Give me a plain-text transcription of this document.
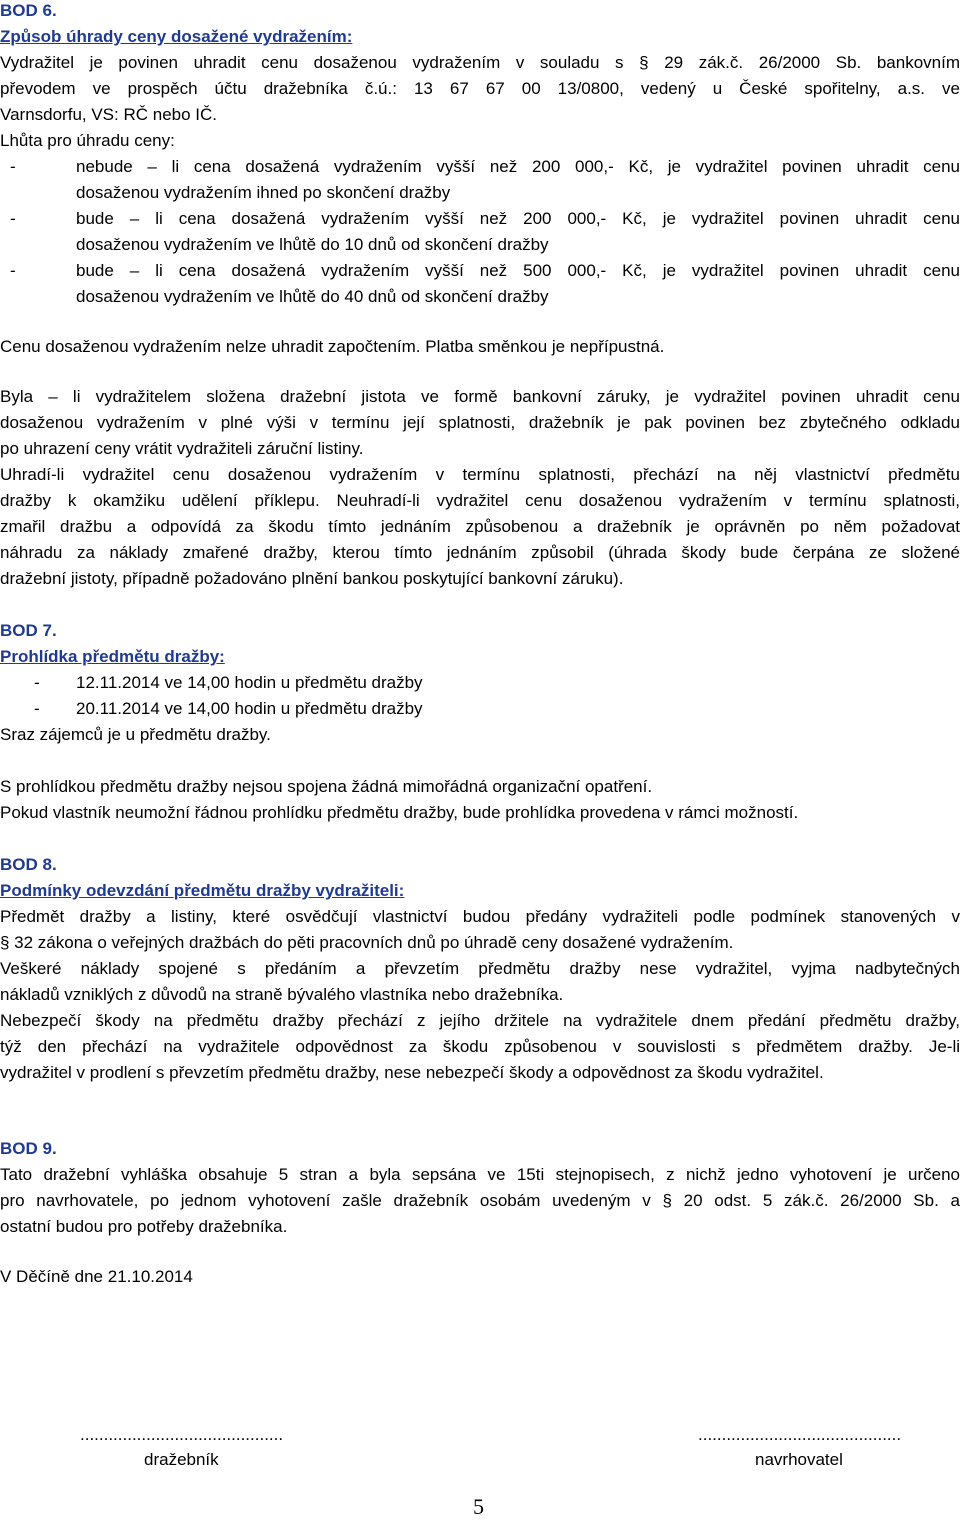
BOD 6.
Způsob úhrady ceny dosažené vydražením:
Vydražitel je povinen uhradit cenu dosaženou vydražením v souladu s § 29 zák.č. 26/2000 Sb. bankovním
převodem ve prospěch účtu dražebníka č.ú.: 13 67 67 00 13/0800, vedený u České spořitelny, a.s. ve
Varnsdorfu, VS: RČ nebo IČ.
Lhůta pro úhradu ceny:
-	nebude – li cena dosažená vydražením vyšší než 200 000,- Kč, je vydražitel povinen uhradit cenu
dosaženou vydražením ihned po skončení dražby
-	bude – li cena dosažená vydražením vyšší než 200 000,- Kč, je vydražitel povinen uhradit cenu
dosaženou vydražením ve lhůtě do 10 dnů od skončení dražby
-	bude – li cena dosažená vydražením vyšší než 500 000,- Kč, je vydražitel povinen uhradit cenu
dosaženou vydražením ve lhůtě do 40 dnů od skončení dražby
Cenu dosaženou vydražením nelze uhradit započtením. Platba směnkou je nepřípustná.
Byla – li vydražitelem složena dražební jistota ve formě bankovní záruky, je vydražitel povinen uhradit cenu
dosaženou vydražením v plné výši v termínu její splatnosti, dražebník je pak povinen bez zbytečného odkladu
po uhrazení ceny vrátit vydražiteli záruční listiny.
Uhradí-li vydražitel cenu dosaženou vydražením v termínu splatnosti, přechází na něj vlastnictví předmětu
dražby k okamžiku udělení příklepu. Neuhradí-li vydražitel cenu dosaženou vydražením v termínu splatnosti,
zmařil dražbu a odpovídá za škodu tímto jednáním způsobenou a dražebník je oprávněn po něm požadovat
náhradu za náklady zmařené dražby, kterou tímto jednáním způsobil (úhrada škody bude čerpána ze složené
dražební jistoty, případně požadováno plnění bankou poskytující bankovní záruku).
BOD 7.
Prohlídka předmětu dražby:
- 12.11.2014 ve 14,00 hodin u předmětu dražby
- 20.11.2014 ve 14,00 hodin u předmětu dražby
Sraz zájemců je u předmětu dražby.
S prohlídkou předmětu dražby nejsou spojena žádná mimořádná organizační opatření.
Pokud vlastník neumožní řádnou prohlídku předmětu dražby, bude prohlídka provedena v rámci možností.
BOD 8.
Podmínky odevzdání předmětu dražby vydražiteli:
Předmět dražby a listiny, které osvědčují vlastnictví budou předány vydražiteli podle podmínek stanovených v
§ 32 zákona o veřejných dražbách do pěti pracovních dnů po úhradě ceny dosažené vydražením.
Veškeré náklady spojené s předáním a převzetím předmětu dražby nese vydražitel, vyjma nadbytečných
nákladů vzniklých z důvodů na straně bývalého vlastníka nebo dražebníka.
Nebezpečí škody na předmětu dražby přechází z jejího držitele na vydražitele dnem předání předmětu dražby,
týž den přechází na vydražitele odpovědnost za škodu způsobenou v souvislosti s předmětem dražby. Je-li
vydražitel v prodlení s převzetím předmětu dražby, nese nebezpečí škody a odpovědnost za škodu vydražitel.
BOD 9.
Tato dražební vyhláška obsahuje 5 stran a byla sepsána ve 15ti stejnopisech, z nichž jedno vyhotovení je určeno
pro navrhovatele, po jednom vyhotovení zašle dražebník osobám uvedeným v § 20 odst. 5 zák.č. 26/2000 Sb. a
ostatní budou pro potřeby dražebníka.
V Děčíně dne 21.10.2014
...........................................
dražebník
...........................................
navrhovatel
5
